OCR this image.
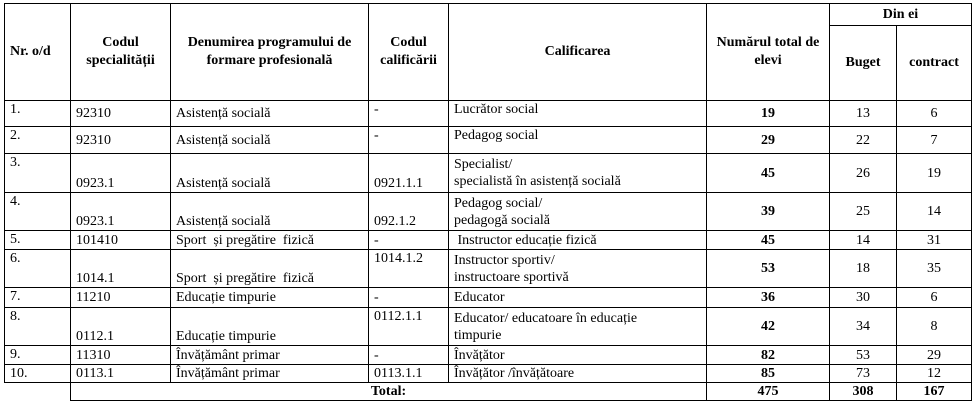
Nr. o/d	Codul specialității	Denumirea programului de formare profesională	Codul calificării	Calificarea	Numărul total de elevi	Din ei	
						Buget	contract
1.	92310	Asistență socială	-	Lucrător social	19	13	6
2.	92310	Asistență socială	-	Pedagog social	29	22	7
3.	0923.1	Asistență socială	0921.1.1	Specialist/
specialistă în asistență socială	45	26	19
4.	0923.1	Asistență socială	092.1.2	Pedagog social/
pedagogă socială	39	25	14
5.	101410	Sport  și pregătire  fizică	-	Instructor educație fizică	45	14	31
6.	1014.1	Sport  și pregătire  fizică	1014.1.2	Instructor sportiv/
instructoare sportivă	53	18	35
7.	11210	Educație timpurie	-	Educator	36	30	6
8.	0112.1	Educație timpurie	0112.1.1	Educator/ educatoare în educație
timpurie	42	34	8
9.	11310	Învățământ primar	-	Învățător	82	53	29
10.	0113.1	Învățământ primar	0113.1.1	Învățător /învățătoare	85	73	12
	Total:				475	308	167
